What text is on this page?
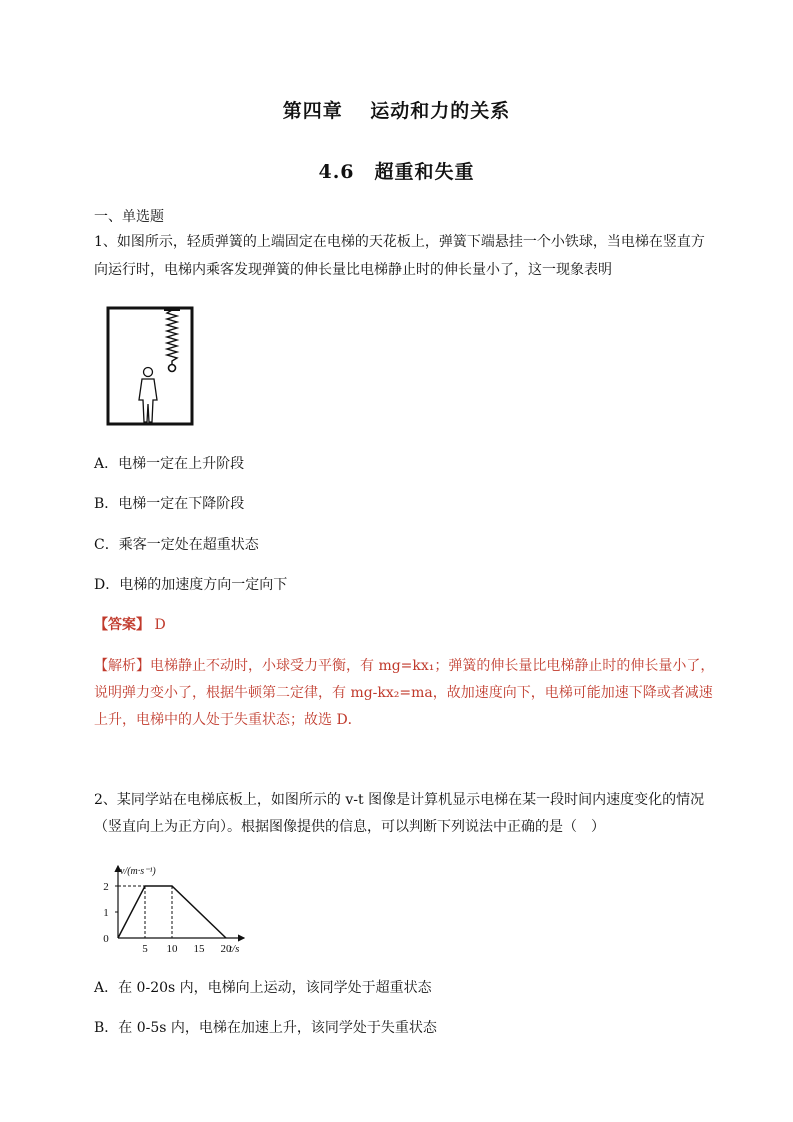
第四章　 运动和力的关系
4.6　超重和失重
一、单选题
1、如图所示，轻质弹簧的上端固定在电梯的天花板上，弹簧下端悬挂一个小铁球，当电梯在竖直方
向运行时，电梯内乘客发现弹簧的伸长量比电梯静止时的伸长量小了，这一现象表明
A．电梯一定在上升阶段
B．电梯一定在下降阶段
C．乘客一定处在超重状态
D．电梯的加速度方向一定向下
【答案】 D
【解析】电梯静止不动时，小球受力平衡，有 mg=kx₁；弹簧的伸长量比电梯静止时的伸长量小了，
说明弹力变小了，根据牛顿第二定律，有 mg-kx₂=ma，故加速度向下，电梯可能加速下降或者减速
上升，电梯中的人处于失重状态；故选 D．
2、某同学站在电梯底板上，如图所示的 v-t 图像是计算机显示电梯在某一段时间内速度变化的情况
（竖直向上为正方向）。根据图像提供的信息，可以判断下列说法中正确的是（　）
v/(m·s⁻¹)
t/s
5 10 15 20
0
1
2
A．在 0-20s 内，电梯向上运动，该同学处于超重状态
B．在 0-5s 内，电梯在加速上升，该同学处于失重状态
